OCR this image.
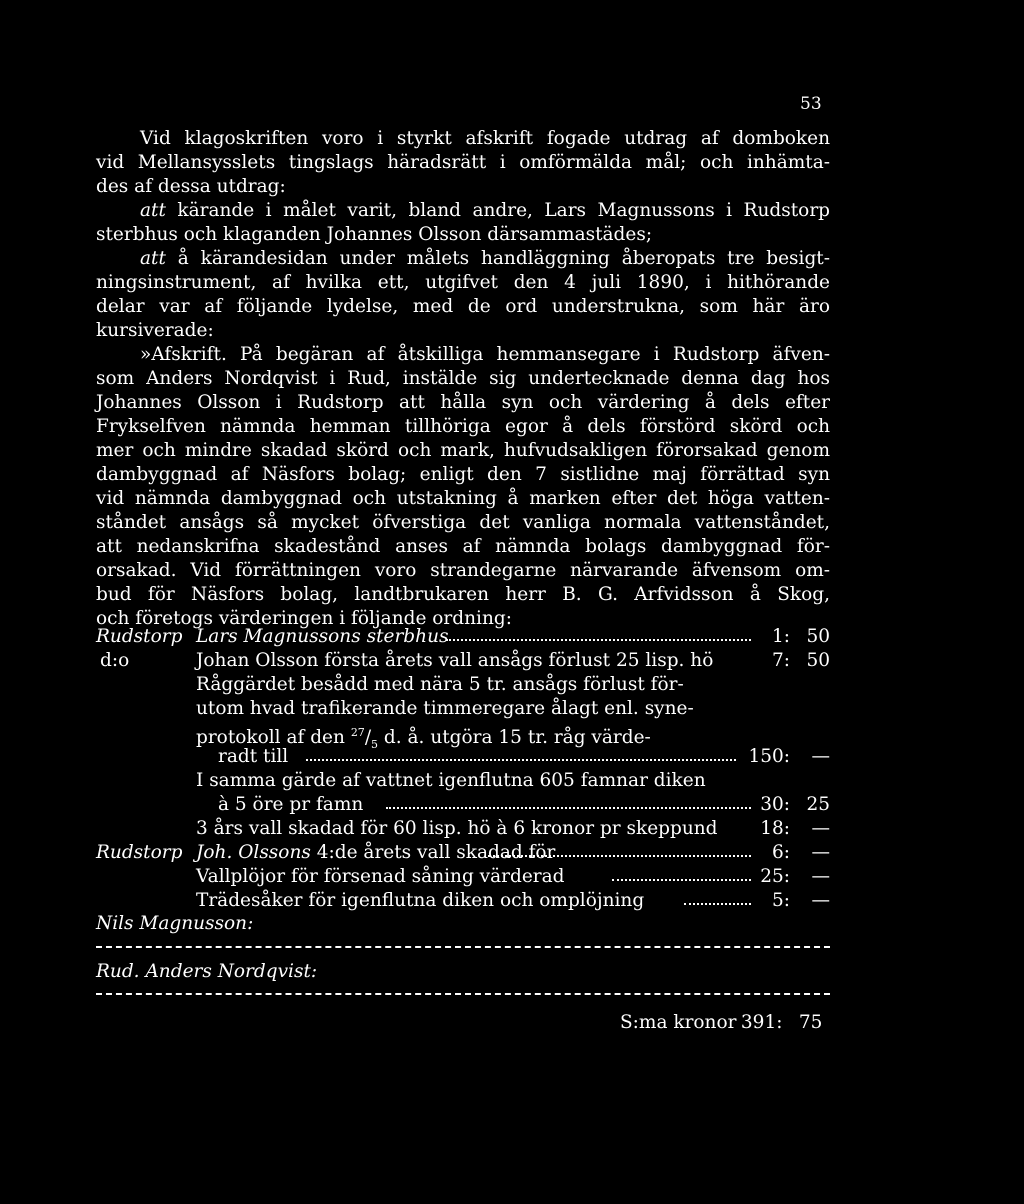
53
Vid klagoskriften voro i styrkt afskrift fogade utdrag af domboken
vid Mellansysslets tingslags häradsrätt i omförmälda mål; och inhämta-
des af dessa utdrag:
att kärande i målet varit, bland andre, Lars Magnussons i Rudstorp
sterbhus och klaganden Johannes Olsson därsammastädes;
att å kärandesidan under målets handläggning åberopats tre besigt-
ningsinstrument, af hvilka ett, utgifvet den 4 juli 1890, i hithörande
delar var af följande lydelse, med de ord understrukna, som här äro
kursiverade:
»Afskrift. På begäran af åtskilliga hemmansegare i Rudstorp äfven-
som Anders Nordqvist i Rud, instälde sig undertecknade denna dag hos
Johannes Olsson i Rudstorp att hålla syn och värdering å dels efter
Frykselfven nämnda hemman tillhöriga egor å dels förstörd skörd och
mer och mindre skadad skörd och mark, hufvudsakligen förorsakad genom
dambyggnad af Näsfors bolag; enligt den 7 sistlidne maj förrättad syn
vid nämnda dambyggnad och utstakning å marken efter det höga vatten-
ståndet ansågs så mycket öfverstiga det vanliga normala vattenståndet,
att nedanskrifna skadestånd anses af nämnda bolags dambyggnad för-
orsakad. Vid förrättningen voro strandegarne närvarande äfvensom om-
bud för Näsfors bolag, landtbrukaren herr B. G. Arfvidsson å Skog,
och företogs värderingen i följande ordning:
Rudstorp Lars Magnussons sterbhus	1: 50
d:o	Johan Olsson första årets vall ansågs förlust 25 lisp. hö	7: 50
Råggärdet besådd med nära 5 tr. ansågs förlust för-
utom hvad trafikerande timmeregare ålagt enl. syne-
protokoll af den $^{27}/_5$ d. å. utgöra 15 tr. råg värde-
radt till	150: —
I samma gärde af vattnet igenflutna 605 famnar diken
à 5 öre pr famn	30: 25
3 års vall skadad för 60 lisp. hö à 6 kronor pr skeppund	18: —
Rudstorp Joh. Olssons 4:de årets vall skadad för	6: —
Vallplöjor för försenad såning värderad	25: —
Trädesåker för igenflutna diken och omplöjning	5: —
Nils Magnusson:
Rud. Anders Nordqvist:
S:ma kronor 391: 75
